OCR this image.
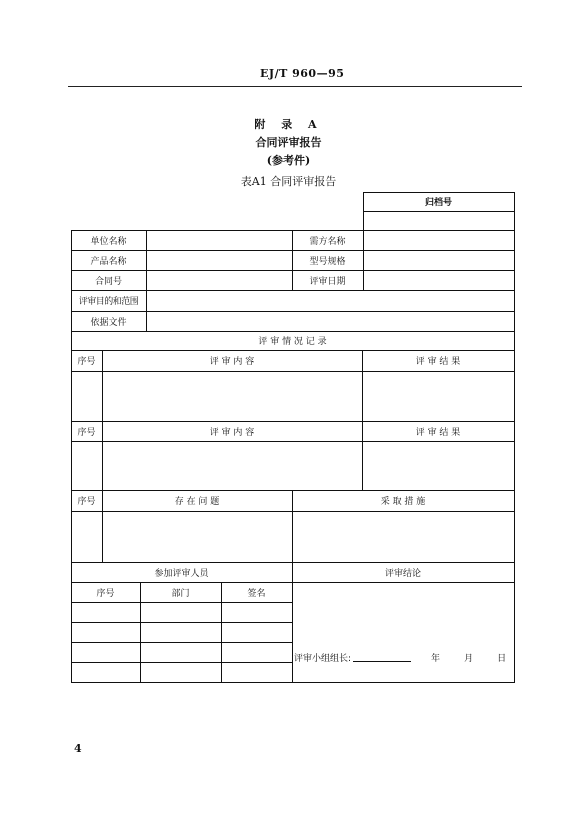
EJ/T 960—95
附 录 A
合同评审报告
(参考件)
表A1 合同评审报告
归档号
单位名称	需方名称
产品名称	型号规格
合同号	评审日期
评审目的和范围
依据文件
评 审 情 况 记 录
序号	评 审 内 容	评 审 结 果
序号	评 审 内 容	评 审 结 果
序号	存 在 问 题	采 取 措 施
参加评审人员	评审结论
序号	部门	签名
评审小组组长:	年	月	日
4
